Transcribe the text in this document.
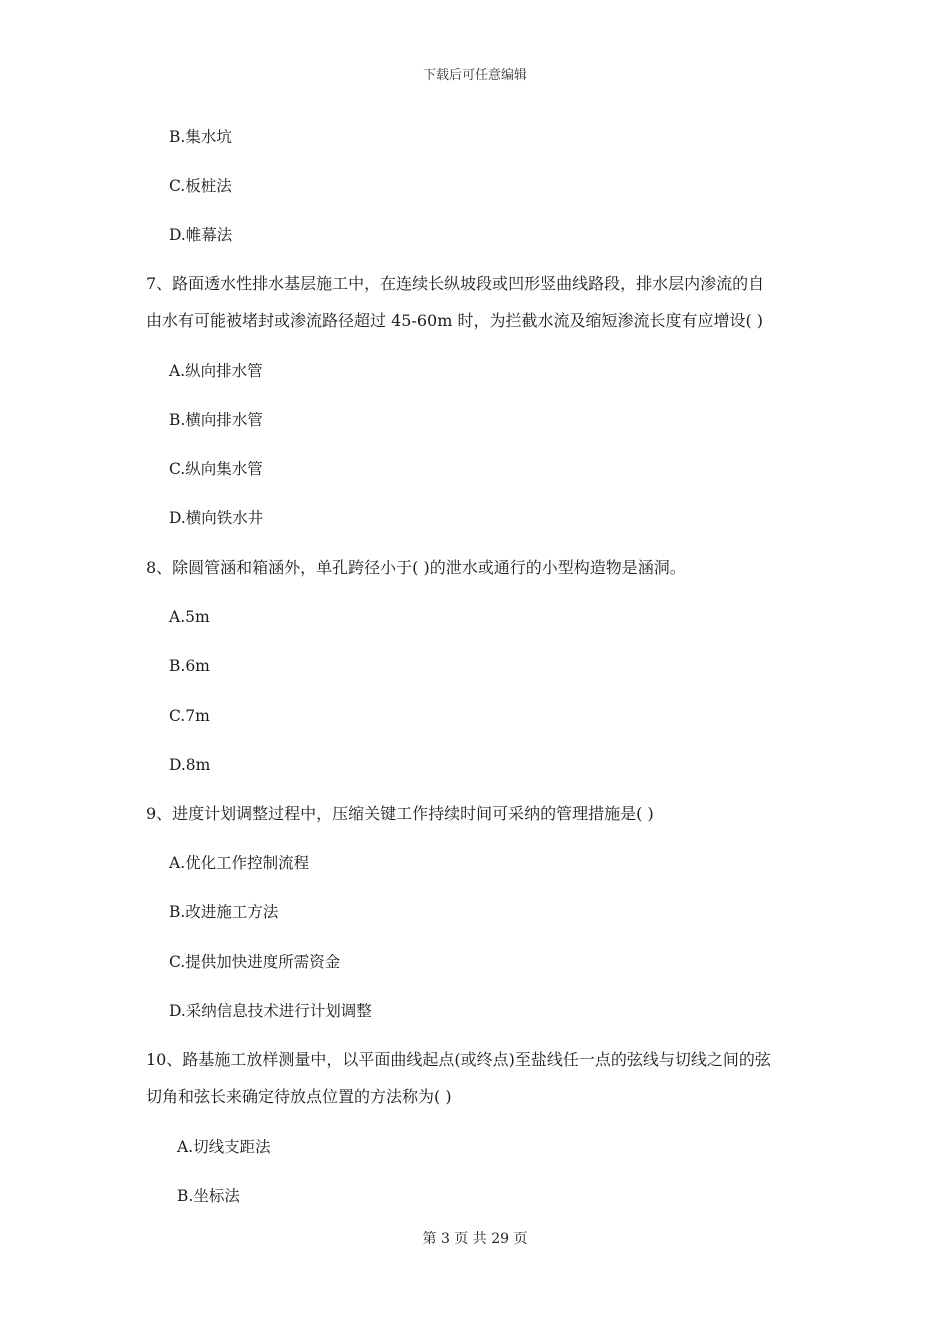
下载后可任意编辑
B.集水坑
C.板桩法
D.帷幕法
7、路面透水性排水基层施工中，在连续长纵坡段或凹形竖曲线路段，排水层内渗流的自
由水有可能被堵封或渗流路径超过 45-60m 时，为拦截水流及缩短渗流长度有应增设( )
A.纵向排水管
B.横向排水管
C.纵向集水管
D.横向铁水井
8、除圆管涵和箱涵外，单孔跨径小于( )的泄水或通行的小型构造物是涵洞。
A.5m
B.6m
C.7m
D.8m
9、进度计划调整过程中，压缩关键工作持续时间可采纳的管理措施是( )
A.优化工作控制流程
B.改进施工方法
C.提供加快进度所需资金
D.采纳信息技术进行计划调整
10、路基施工放样测量中，以平面曲线起点(或终点)至盐线任一点的弦线与切线之间的弦
切角和弦长来确定待放点位置的方法称为( )
A.切线支距法
B.坐标法
第 3 页 共 29 页
